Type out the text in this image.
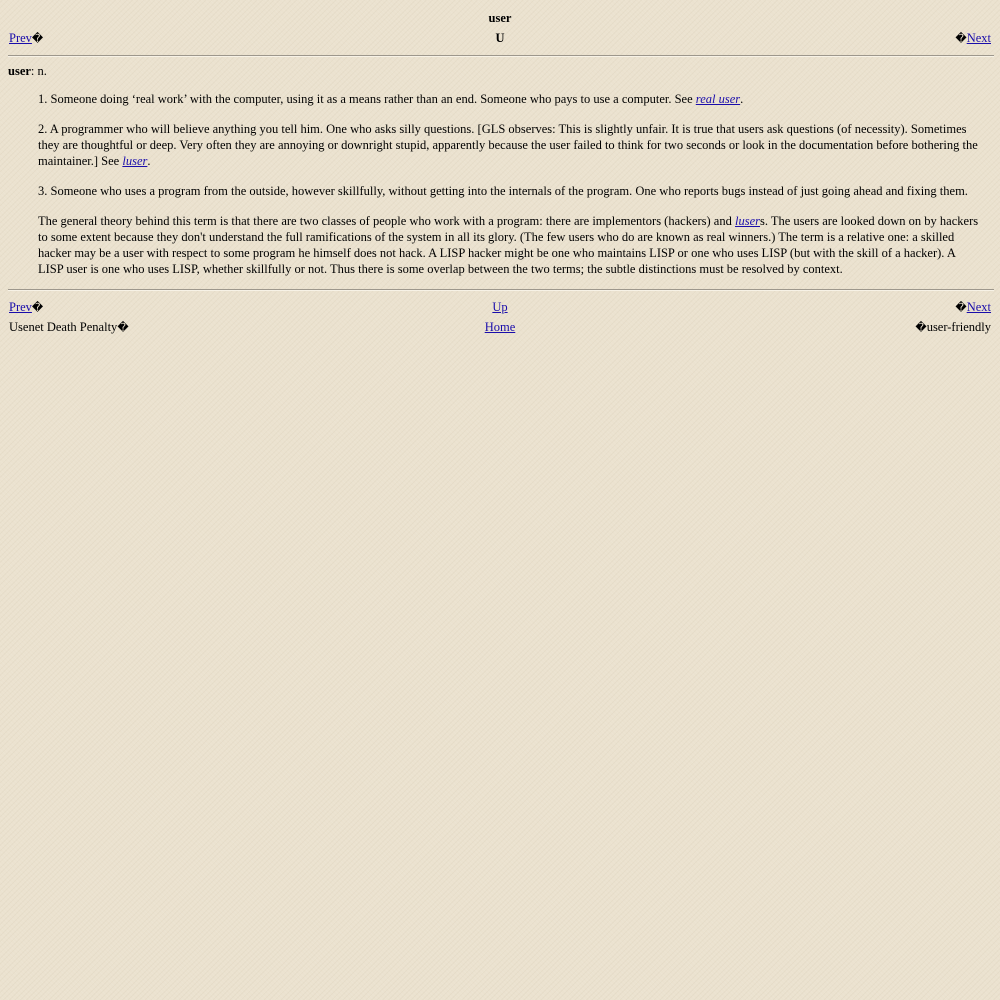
user
Prev�	U	�Next
user: n.

1. Someone doing ‘real work’ with the computer, using it as a means rather than an end. Someone who pays to use a computer. See real user.

2. A programmer who will believe anything you tell him. One who asks silly questions. [GLS observes: This is slightly unfair. It is true that users ask questions (of necessity). Sometimes they are thoughtful or deep. Very often they are annoying or downright stupid, apparently because the user failed to think for two seconds or look in the documentation before bothering the maintainer.] See luser.

3. Someone who uses a program from the outside, however skillfully, without getting into the internals of the program. One who reports bugs instead of just going ahead and fixing them.

The general theory behind this term is that there are two classes of people who work with a program: there are implementors (hackers) and lusers. The users are looked down on by hackers to some extent because they don't understand the full ramifications of the system in all its glory. (The few users who do are known as real winners.) The term is a relative one: a skilled hacker may be a user with respect to some program he himself does not hack. A LISP hacker might be one who maintains LISP or one who uses LISP (but with the skill of a hacker). A LISP user is one who uses LISP, whether skillfully or not. Thus there is some overlap between the two terms; the subtle distinctions must be resolved by context.

Prev�	Up	�Next
Usenet Death Penalty�	Home	�user-friendly
